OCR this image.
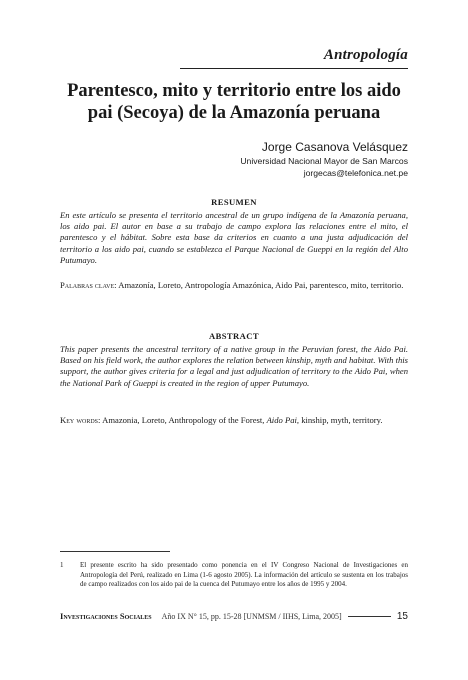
Antropología
Parentesco, mito y territorio entre los aido pai (Secoya) de la Amazonía peruana
Jorge Casanova Velásquez
Universidad Nacional Mayor de San Marcos
jorgecas@telefonica.net.pe
RESUMEN

En este artículo se presenta el territorio ancestral de un grupo indígena de la Amazonía peruana, los aido pai. El autor en base a su trabajo de campo explora las relaciones entre el mito, el parentesco y el hábitat. Sobre esta base da criterios en cuanto a una justa adjudicación del territorio a los aido pai, cuando se establezca el Parque Nacional de Gueppi en la región del Alto Putumayo.

Palabras clave: Amazonía, Loreto, Antropología Amazónica, Aido Pai, parentesco, mito, territorio.

ABSTRACT

This paper presents the ancestral territory of a native group in the Peruvian forest, the Aido Pai. Based on his field work, the author explores the relation between kinship, myth and habitat. With this support, the author gives criteria for a legal and just adjudication of territory to the Aido Pai, when the National Park of Gueppi is created in the region of upper Putumayo.

Key words: Amazonia, Loreto, Anthropology of the Forest, Aido Pai, kinship, myth, territory.

1 El presente escrito ha sido presentado como ponencia en el IV Congreso Nacional de Investigaciones en Antropología del Perú, realizado en Lima (1-6 agosto 2005). La información del artículo se sustenta en los trabajos de campo realizados con los aido pai de la cuenca del Putumayo entre los años de 1995 y 2004.

Investigaciones Sociales Año IX N° 15, pp. 15-28 [UNMSM / IIHS, Lima, 2005]	15
